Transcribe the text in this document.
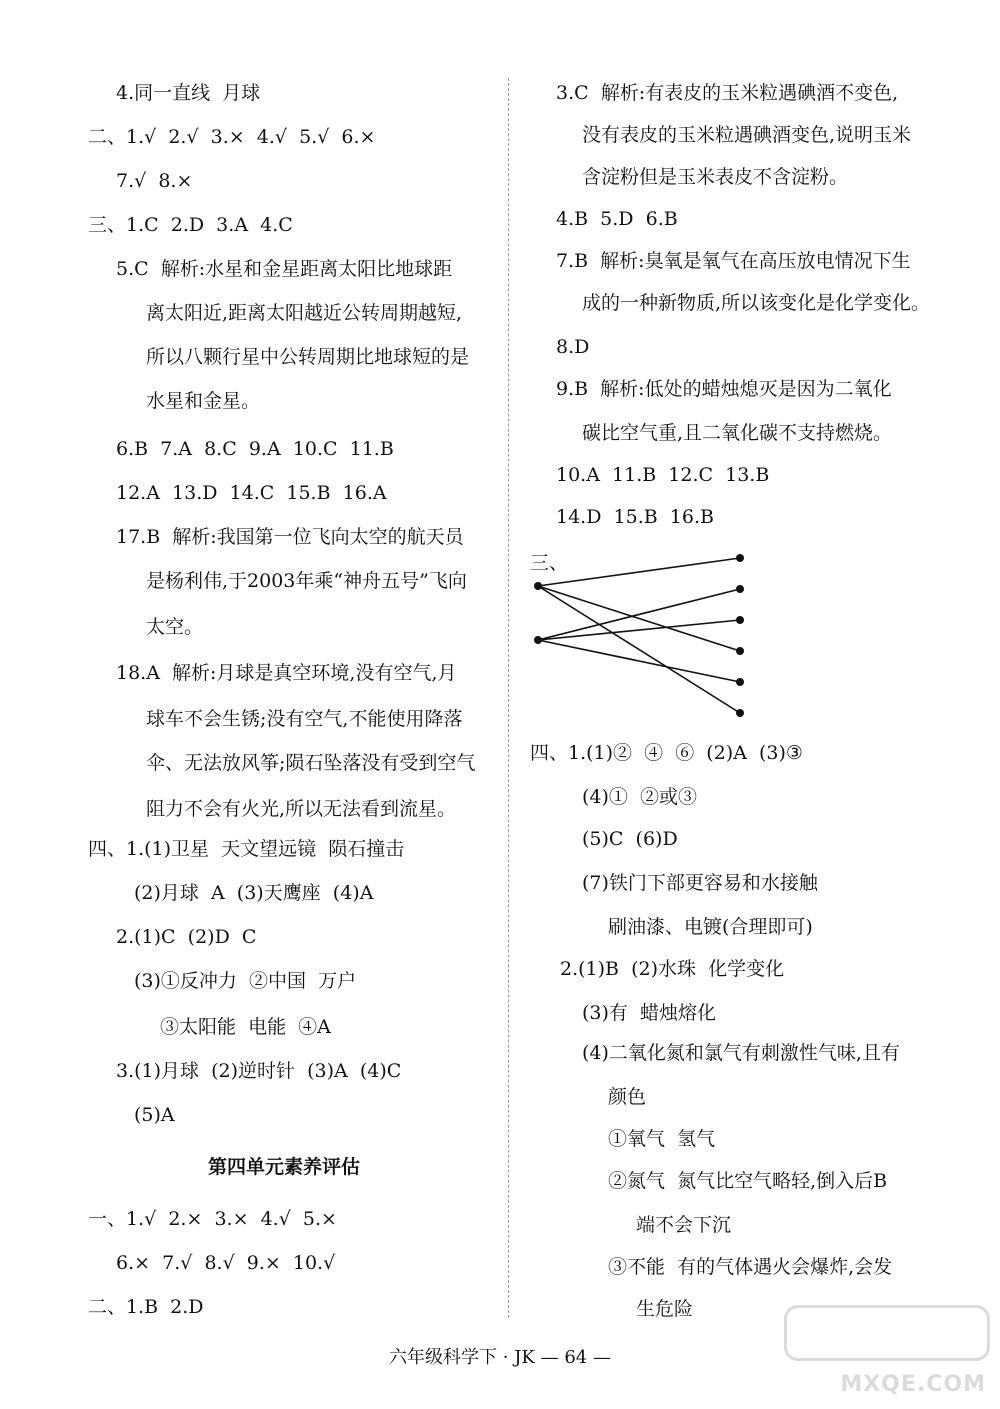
4.同一直线  月球
二、1.√  2.√  3.×  4.√  5.√  6.×
7.√  8.×
三、1.C  2.D  3.A  4.C
5.C  解析:水星和金星距离太阳比地球距
离太阳近,距离太阳越近公转周期越短,
所以八颗行星中公转周期比地球短的是
水星和金星。
6.B  7.A  8.C  9.A  10.C  11.B
12.A  13.D  14.C  15.B  16.A
17.B  解析:我国第一位飞向太空的航天员
是杨利伟,于2003年乘“神舟五号”飞向
太空。
18.A  解析:月球是真空环境,没有空气,月
球车不会生锈;没有空气,不能使用降落
伞、无法放风筝;陨石坠落没有受到空气
阻力不会有火光,所以无法看到流星。
四、1.(1)卫星  天文望远镜  陨石撞击
(2)月球  A  (3)天鹰座  (4)A
2.(1)C  (2)D  C
(3)①反冲力  ②中国  万户
③太阳能  电能  ④A
3.(1)月球  (2)逆时针  (3)A  (4)C
(5)A
第四单元素养评估
一、1.√  2.×  3.×  4.√  5.×
6.×  7.√  8.√  9.×  10.√
二、1.B  2.D
3.C  解析:有表皮的玉米粒遇碘酒不变色,
没有表皮的玉米粒遇碘酒变色,说明玉米
含淀粉但是玉米表皮不含淀粉。
4.B  5.D  6.B
7.B  解析:臭氧是氧气在高压放电情况下生
成的一种新物质,所以该变化是化学变化。
8.D
9.B  解析:低处的蜡烛熄灭是因为二氧化
碳比空气重,且二氧化碳不支持燃烧。
10.A  11.B  12.C  13.B
14.D  15.B  16.B
三、
四、1.(1)②  ④  ⑥  (2)A  (3)③
(4)①  ②或③
(5)C  (6)D
(7)铁门下部更容易和水接触
刷油漆、电镀(合理即可)
2.(1)B  (2)水珠  化学变化
(3)有  蜡烛熔化
(4)二氧化氮和氯气有刺激性气味,且有
颜色
①氧气  氢气
②氮气  氮气比空气略轻,倒入后B
端不会下沉
③不能  有的气体遇火会爆炸,会发
生危险
六年级科学下 · JK — 64 —
MXQE.COM
